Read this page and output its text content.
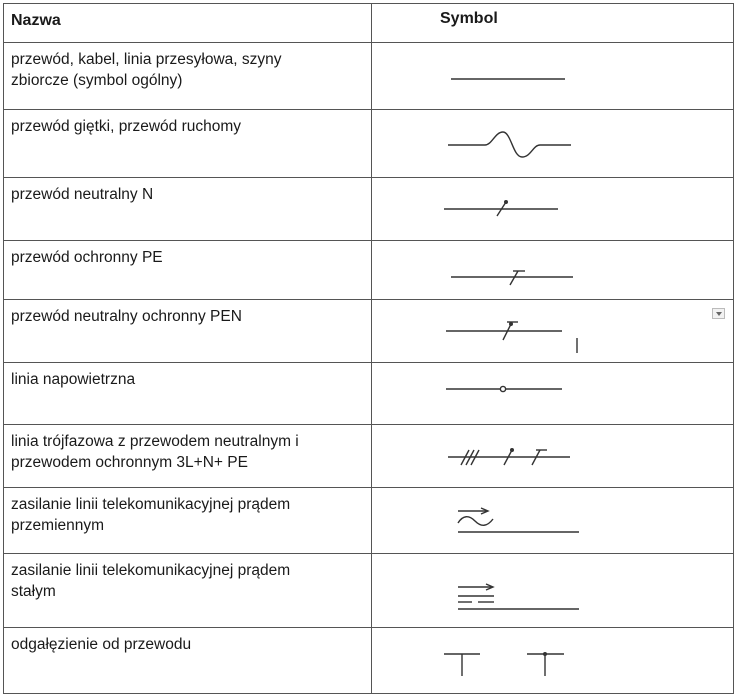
Nazwa	Symbol
przewód, kabel, linia przesyłowa, szyny
zbiorcze (symbol ogólny)
przewód giętki, przewód ruchomy
przewód neutralny N
przewód ochronny PE
przewód neutralny ochronny PEN
linia napowietrzna
linia trójfazowa z przewodem neutralnym i
przewodem ochronnym 3L+N+ PE
zasilanie linii telekomunikacyjnej prądem
przemiennym
zasilanie linii telekomunikacyjnej prądem
stałym
odgałęzienie od przewodu
